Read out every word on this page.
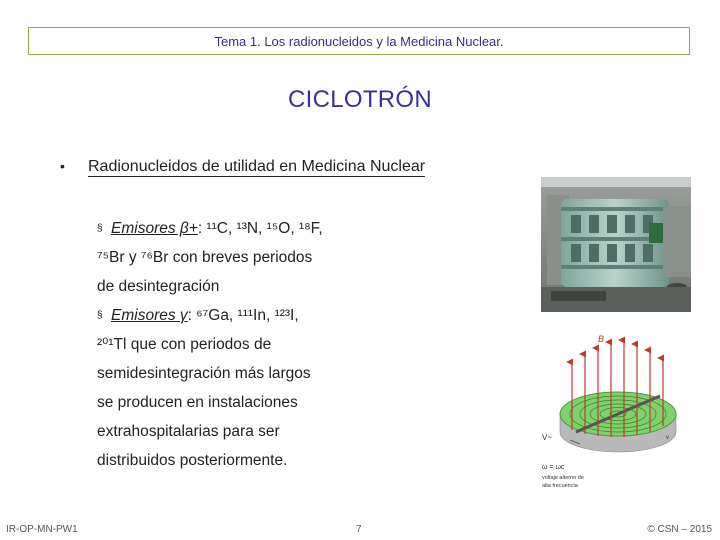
Tema 1. Los radionucleidos y la Medicina Nuclear.
CICLOTRÓN
•	Radionucleidos de utilidad en Medicina Nuclear
§ Emisores β+: ¹¹C, ¹³N, ¹⁵O, ¹⁸F,
⁷⁵Br y ⁷⁶Br con breves periodos
de desintegración
§ Emisores γ: ⁶⁷Ga, ¹¹¹In, ¹²³I,
²⁰¹Tl que con periodos de
semidesintegración más largos
se producen en instalaciones
extrahospitalarias para ser
distribuidos posteriormente.
B
V~	v
ω = ωc
voltaje alterno de
alta frecuencia
IR-OP-MN-PW1	7	© CSN – 2015
